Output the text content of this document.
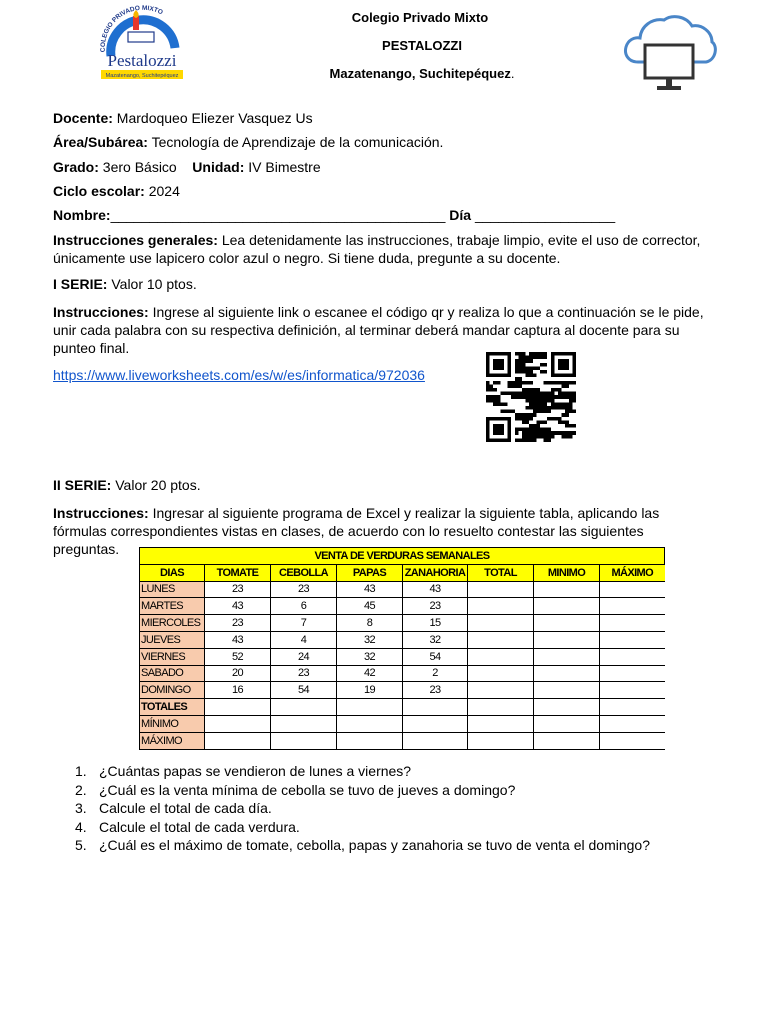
COLEGIO PRIVADO MIXTO
Pestalozzi
Mazatenango, Suchitepéquez
Colegio Privado Mixto
PESTALOZZI
Mazatenango, Suchitepéquez.
Docente: Mardoqueo Eliezer Vasquez Us
Área/Subárea: Tecnología de Aprendizaje de la comunicación.
Grado: 3ero Básico Unidad: IV Bimestre
Ciclo escolar: 2024
Nombre:___________________________________________ Día __________________
Instrucciones generales: Lea detenidamente las instrucciones, trabaje limpio, evite el uso de corrector, únicamente use lapicero color azul o negro. Si tiene duda, pregunte a su docente.
I SERIE: Valor 10 ptos.
Instrucciones: Ingrese al siguiente link o escanee el código qr y realiza lo que a continuación se le pide, unir cada palabra con su respectiva definición, al terminar deberá mandar captura al docente para su punteo final.
https://www.liveworksheets.com/es/w/es/informatica/972036
II SERIE: Valor 20 ptos.
Instrucciones: Ingresar al siguiente programa de Excel y realizar la siguiente tabla, aplicando las fórmulas correspondientes vistas en clases, de acuerdo con lo resuelto contestar las siguientes preguntas.	VENTA DE VERDURAS SEMANALES							
DIAS	TOMATE	CEBOLLA	PAPAS	ZANAHORIA	TOTAL	MINIMO	MÁXIMO
LUNES	23	23	43	43			
MARTES	43	6	45	23			
MIERCOLES	23	7	8	15			
JUEVES	43	4	32	32			
VIERNES	52	24	32	54			
SABADO	20	23	42	2			
DOMINGO	16	54	19	23			
TOTALES							
MÍNIMO							
MÁXIMO							
1. ¿Cuántas papas se vendieron de lunes a viernes?
2. ¿Cuál es la venta mínima de cebolla se tuvo de jueves a domingo?
3. Calcule el total de cada día.
4. Calcule el total de cada verdura.
5. ¿Cuál es el máximo de tomate, cebolla, papas y zanahoria se tuvo de venta el domingo?
